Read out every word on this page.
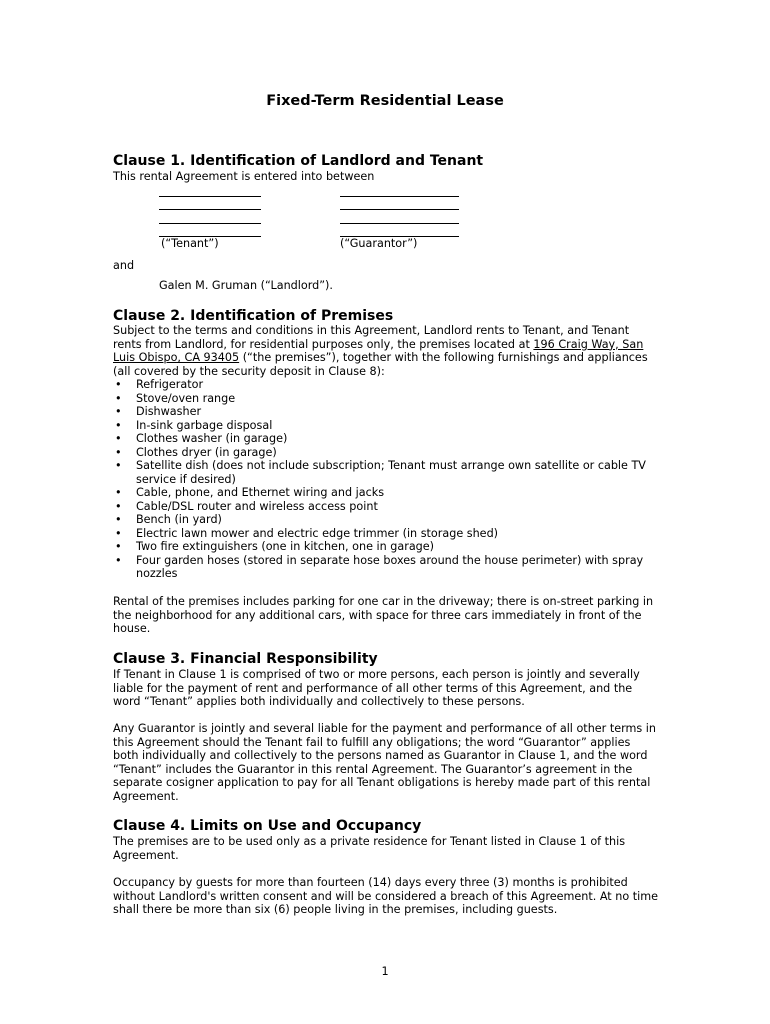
Fixed-Term Residential Lease
Clause 1. Identification of Landlord and Tenant

This rental Agreement is entered into between

(“Tenant”)	(“Guarantor”)
and
Galen M. Gruman (“Landlord”).
Clause 2. Identification of Premises

Subject to the terms and conditions in this Agreement, Landlord rents to Tenant, and Tenant rents from Landlord, for residential purposes only, the premises located at 196 Craig Way, San Luis Obispo, CA 93405 (“the premises”), together with the following furnishings and appliances (all covered by the security deposit in Clause 8):

• Refrigerator
• Stove/oven range
• Dishwasher
• In-sink garbage disposal
• Clothes washer (in garage)
• Clothes dryer (in garage)
• Satellite dish (does not include subscription; Tenant must arrange own satellite or cable TV service if desired)
• Cable, phone, and Ethernet wiring and jacks
• Cable/DSL router and wireless access point
• Bench (in yard)
• Electric lawn mower and electric edge trimmer (in storage shed)
• Two fire extinguishers (one in kitchen, one in garage)
• Four garden hoses (stored in separate hose boxes around the house perimeter) with spray nozzles

Rental of the premises includes parking for one car in the driveway; there is on-street parking in the neighborhood for any additional cars, with space for three cars immediately in front of the house.

Clause 3. Financial Responsibility

If Tenant in Clause 1 is comprised of two or more persons, each person is jointly and severally liable for the payment of rent and performance of all other terms of this Agreement, and the word “Tenant” applies both individually and collectively to these persons.

Any Guarantor is jointly and several liable for the payment and performance of all other terms in this Agreement should the Tenant fail to fulfill any obligations; the word “Guarantor” applies both individually and collectively to the persons named as Guarantor in Clause 1, and the word “Tenant” includes the Guarantor in this rental Agreement. The Guarantor’s agreement in the separate cosigner application to pay for all Tenant obligations is hereby made part of this rental Agreement.

Clause 4. Limits on Use and Occupancy

The premises are to be used only as a private residence for Tenant listed in Clause 1 of this Agreement.

Occupancy by guests for more than fourteen (14) days every three (3) months is prohibited without Landlord's written consent and will be considered a breach of this Agreement. At no time shall there be more than six (6) people living in the premises, including guests.

1
